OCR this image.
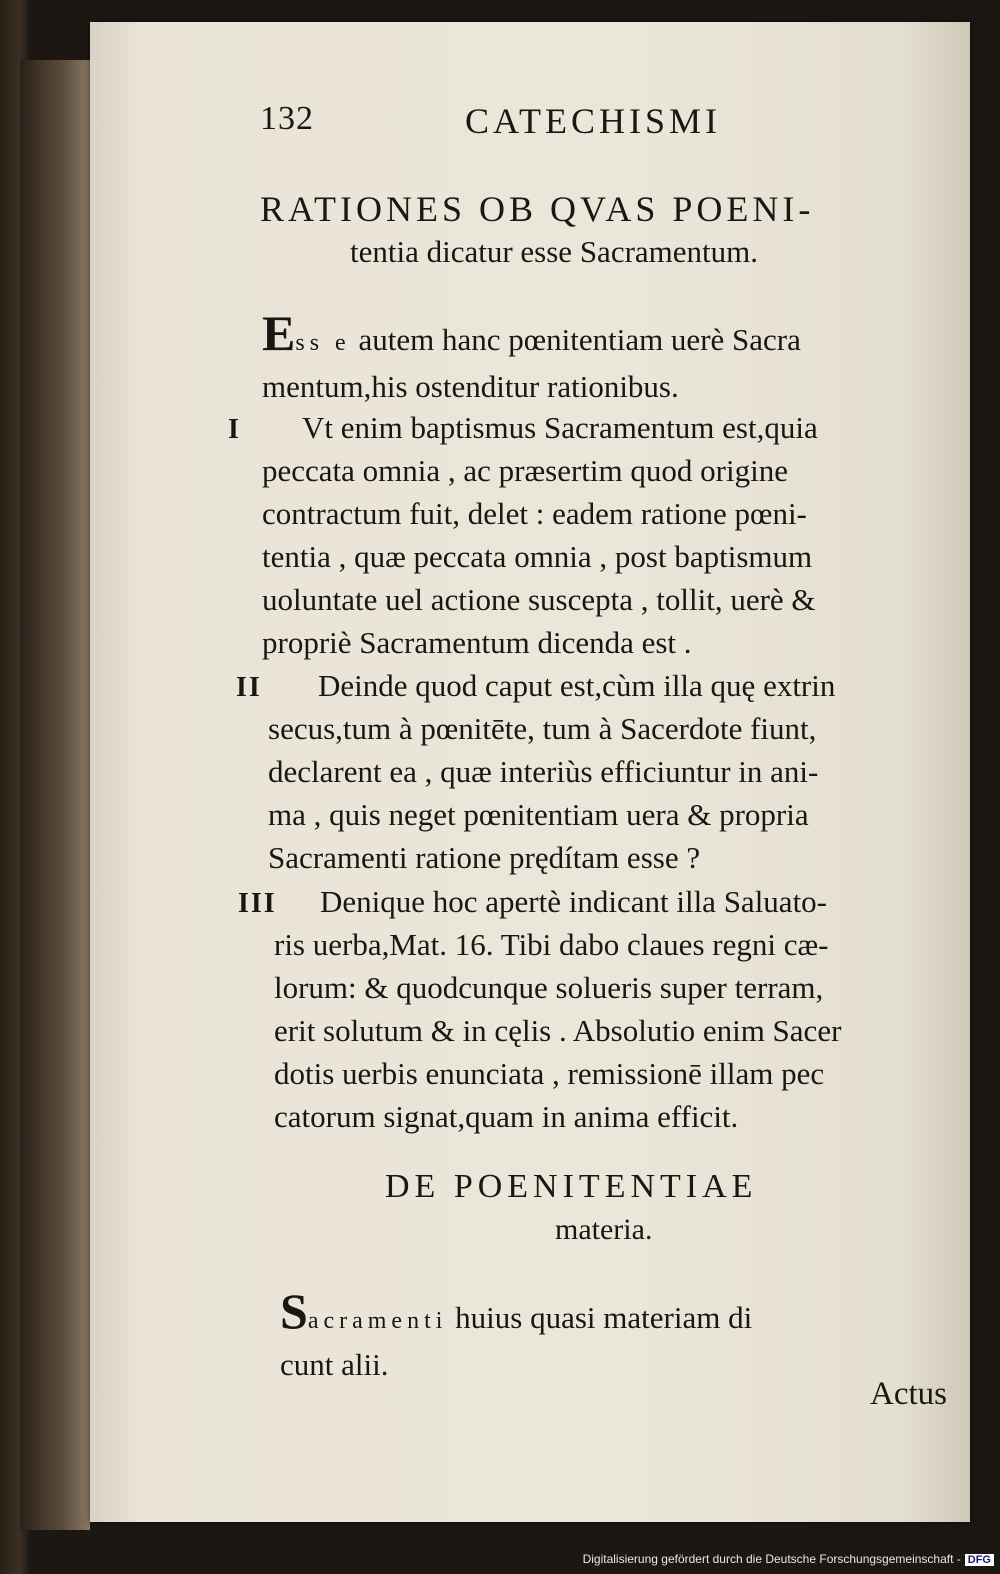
132	CATECHISMI
RATIONES OB QVAS POENI-
tentia dicatur esse Sacramentum.
Ess e autem hanc pœnitentiam uerè Sacra
mentum,his ostenditur rationibus.
I	Vt enim baptismus Sacramentum est,quia
peccata omnia , ac præsertim quod origine
contractum fuit, delet : eadem ratione pœni-
tentia , quæ peccata omnia , post baptismum
uoluntate uel actione suscepta , tollit, uerè &
propriè Sacramentum dicenda est .
II	Deinde quod caput est,cùm illa quę extrin
secus,tum à pœnitēte, tum à Sacerdote fiunt,
declarent ea , quæ interiùs efficiuntur in ani-
ma , quis neget pœnitentiam uera & propria
Sacramenti ratione prędítam esse ?
III	Denique hoc apertè indicant illa Saluato-
ris uerba,Mat. 16. Tibi dabo claues regni cæ-
lorum: & quodcunque solueris super terram,
erit solutum & in cęlis . Absolutio enim Sacer
dotis uerbis enunciata , remissionē illam pec
catorum signat,quam in anima efficit.
DE POENITENTIAE
materia.
Sacramenti huius quasi materiam di
cunt alii.
Actus
Digitalisierung gefördert durch die Deutsche Forschungsgemeinschaft - DFG
